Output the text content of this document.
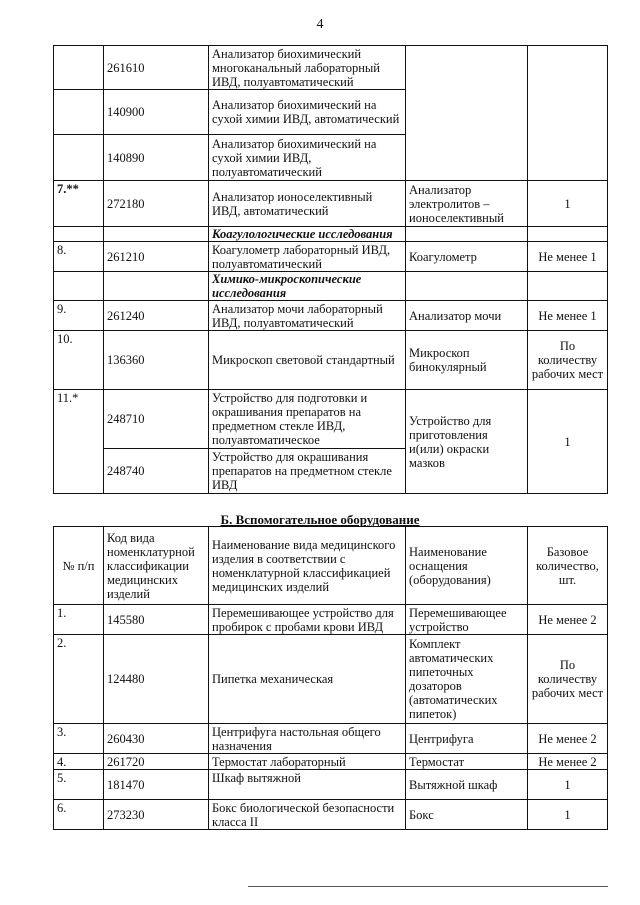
4
	261610	Анализатор биохимический многоканальный лабораторный ИВД, полуавтоматический		
	140900	Анализатор биохимический на сухой химии ИВД, автоматический		
	140890	Анализатор биохимический на сухой химии ИВД, полуавтоматический		
7.**	272180	Анализатор ионоселективный ИВД, автоматический	Анализатор электролитов – ионоселективный	1
		Коагулологические исследования		
8.	261210	Коагулометр лабораторный ИВД, полуавтоматический	Коагулометр	Не менее 1
		Химико-микроскопические исследования		
9.	261240	Анализатор мочи лабораторный ИВД, полуавтоматический	Анализатор мочи	Не менее 1
10.	136360	Микроскоп световой стандартный	Микроскоп бинокулярный	По количеству рабочих мест
11.*	248710	Устройство для подготовки и окрашивания препаратов на предметном стекле ИВД, полуавтоматическое	Устройство для приготовления и(или) окраски мазков	1
	248740	Устройство для окрашивания препаратов на предметном стекле ИВД		
Б. Вспомогательное оборудование
№ п/п	Код вида номенклатурной классификации медицинских изделий	Наименование вида медицинского изделия в соответствии с номенклатурной классификацией медицинских изделий	Наименование оснащения (оборудования)	Базовое количество, шт.
1.	145580	Перемешивающее устройство для пробирок с пробами крови ИВД	Перемешивающее устройство	Не менее 2
2.	124480	Пипетка механическая	Комплект автоматических пипеточных дозаторов (автоматических пипеток)	По количеству рабочих мест
3.	260430	Центрифуга настольная общего назначения	Центрифуга	Не менее 2
4.	261720	Термостат лабораторный	Термостат	Не менее 2
5.	181470	Шкаф вытяжной	Вытяжной шкаф	1
6.	273230	Бокс биологической безопасности класса II	Бокс	1
